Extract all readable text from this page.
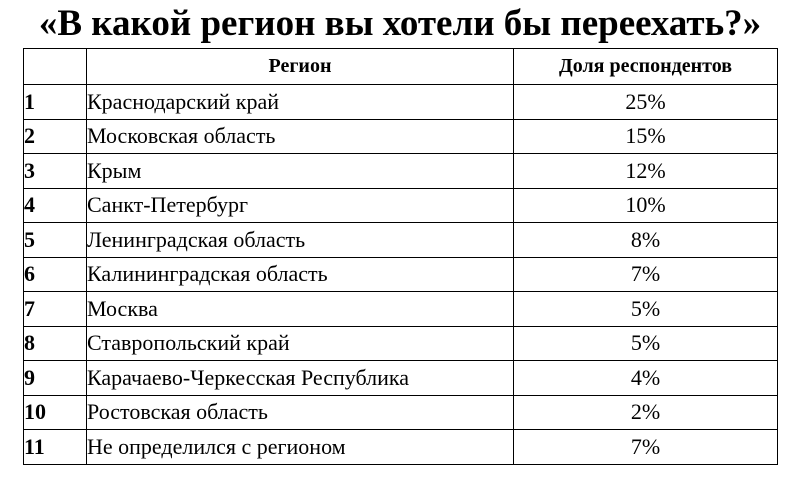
«В какой регион вы хотели бы переехать?»
	Регион	Доля респондентов
1	Краснодарский край	25%
2	Московская область	15%
3	Крым	12%
4	Санкт-Петербург	10%
5	Ленинградская область	8%
6	Калининградская область	7%
7	Москва	5%
8	Ставропольский край	5%
9	Карачаево-Черкесская Республика	4%
10	Ростовская область	2%
11	Не определился с регионом	7%
